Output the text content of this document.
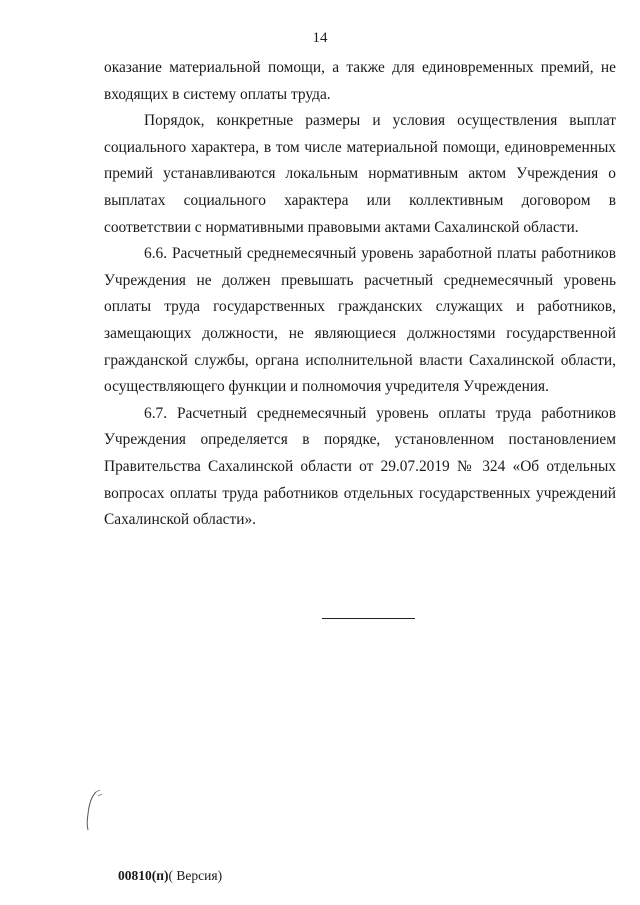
14

оказание материальной помощи, а также для единовременных премий, не входящих в систему оплаты труда.

Порядок, конкретные размеры и условия осуществления выплат социального характера, в том числе материальной помощи, единовременных премий устанавливаются локальным нормативным актом Учреждения о выплатах социального характера или коллективным договором в соответствии с нормативными правовыми актами Сахалинской области.

6.6. Расчетный среднемесячный уровень заработной платы работников Учреждения не должен превышать расчетный среднемесячный уровень оплаты труда государственных гражданских служащих и работников, замещающих должности, не являющиеся должностями государственной гражданской службы, органа исполнительной власти Сахалинской области, осуществляющего функции и полномочия учредителя Учреждения.

6.7. Расчетный среднемесячный уровень оплаты труда работников Учреждения определяется в порядке, установленном постановлением Правительства Сахалинской области от 29.07.2019 № 324 «Об отдельных вопросах оплаты труда работников отдельных государственных учреждений Сахалинской области».

00810(п)( Версия)
